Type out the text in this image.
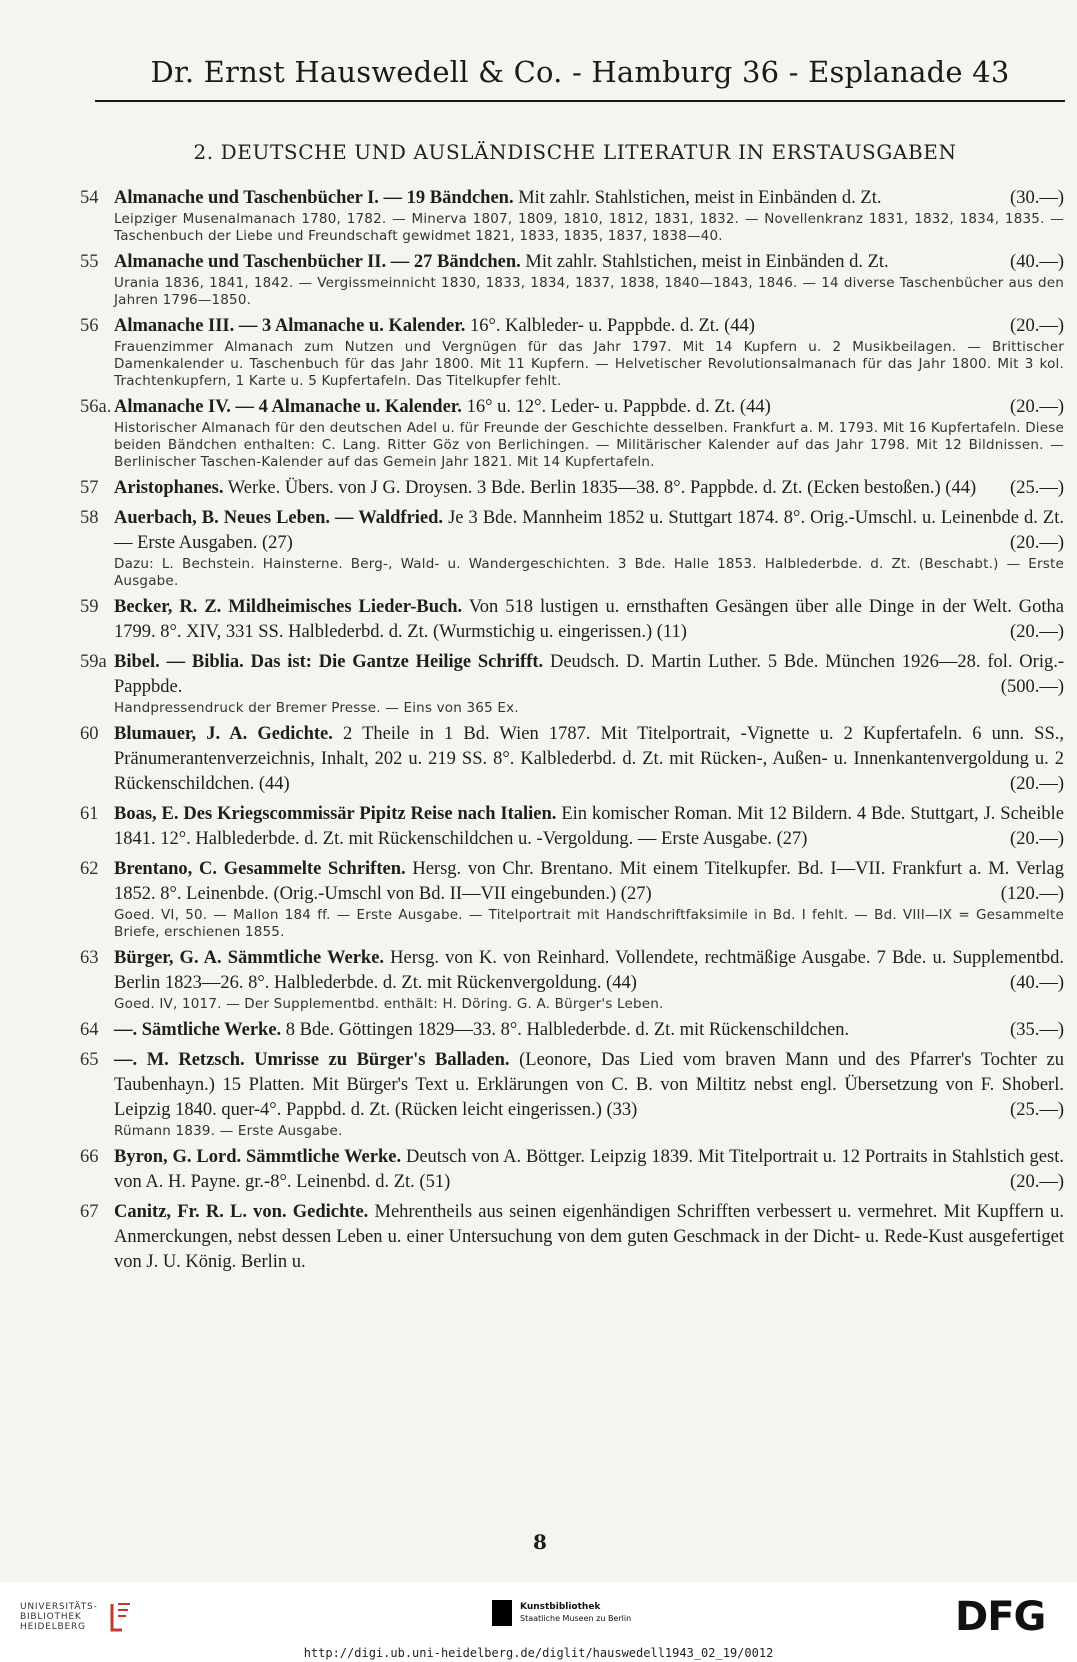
Dr. Ernst Hauswedell & Co. - Hamburg 36 - Esplanade 43
2. DEUTSCHE UND AUSLÄNDISCHE LITERATUR IN ERSTAUSGABEN
54 Almanache und Taschenbücher I. — 19 Bändchen. Mit zahlr. Stahlstichen, meist in Einbänden d. Zt.	(30.—)
Leipziger Musenalmanach 1780, 1782. — Minerva 1807, 1809, 1810, 1812, 1831, 1832. — Novellenkranz 1831, 1832, 1834, 1835. — Taschenbuch der Liebe und Freundschaft gewidmet 1821, 1833, 1835, 1837, 1838—40.
55 Almanache und Taschenbücher II. — 27 Bändchen. Mit zahlr. Stahlstichen, meist in Einbänden d. Zt.	(40.—)
Urania 1836, 1841, 1842. — Vergissmeinnicht 1830, 1833, 1834, 1837, 1838, 1840—1843, 1846. — 14 diverse Taschenbücher aus den Jahren 1796—1850.
56 Almanache III. — 3 Almanache u. Kalender. 16°. Kalbleder- u. Pappbde. d. Zt. (44)	(20.—)
Frauenzimmer Almanach zum Nutzen und Vergnügen für das Jahr 1797. Mit 14 Kupfern u. 2 Musikbeilagen. — Brittischer Damenkalender u. Taschenbuch für das Jahr 1800. Mit 11 Kupfern. — Helvetischer Revolutionsalmanach für das Jahr 1800. Mit 3 kol. Trachtenkupfern, 1 Karte u. 5 Kupfertafeln. Das Titelkupfer fehlt.
56a. Almanache IV. — 4 Almanache u. Kalender. 16° u. 12°. Leder- u. Pappbde. d. Zt. (44)	(20.—)
Historischer Almanach für den deutschen Adel u. für Freunde der Geschichte desselben. Frankfurt a. M. 1793. Mit 16 Kupfertafeln. Diese beiden Bändchen enthalten: C. Lang. Ritter Göz von Berlichingen. — Militärischer Kalender auf das Jahr 1798. Mit 12 Bildnissen. — Berlinischer Taschen-Kalender auf das Gemein Jahr 1821. Mit 14 Kupfertafeln.
57 Aristophanes. Werke. Übers. von J G. Droysen. 3 Bde. Berlin 1835—38. 8°. Pappbde. d. Zt. (Ecken bestoßen.) (44) (25.—)
58 Auerbach, B. Neues Leben. — Waldfried. Je 3 Bde. Mannheim 1852 u. Stuttgart 1874. 8°. Orig.-Umschl. u. Leinenbde d. Zt. — Erste Ausgaben. (27)	(20.—)
Dazu: L. Bechstein. Hainsterne. Berg-, Wald- u. Wandergeschichten. 3 Bde. Halle 1853. Halblederbde. d. Zt. (Beschabt.) — Erste Ausgabe.
59 Becker, R. Z. Mildheimisches Lieder-Buch. Von 518 lustigen u. ernsthaften Gesängen über alle Dinge in der Welt. Gotha 1799. 8°. XIV, 331 SS. Halblederbd. d. Zt. (Wurmstichig u. eingerissen.) (11)	(20.—)
59a Bibel. — Biblia. Das ist: Die Gantze Heilige Schrifft. Deudsch. D. Martin Luther. 5 Bde. München 1926—28. fol. Orig.-Pappbde.	(500.—)
Handpressendruck der Bremer Presse. — Eins von 365 Ex.
60 Blumauer, J. A. Gedichte. 2 Theile in 1 Bd. Wien 1787. Mit Titelportrait, -Vignette u. 2 Kupfertafeln. 6 unn. SS., Pränumerantenverzeichnis, Inhalt, 202 u. 219 SS. 8°. Kalblederbd. d. Zt. mit Rücken-, Außen- u. Innenkantenvergoldung u. 2 Rückenschildchen. (44)	(20.—)
61 Boas, E. Des Kriegscommissär Pipitz Reise nach Italien. Ein komischer Roman. Mit 12 Bildern. 4 Bde. Stuttgart, J. Scheible 1841. 12°. Halblederbde. d. Zt. mit Rückenschildchen u. -Vergoldung. — Erste Ausgabe. (27)	(20.—)
62 Brentano, C. Gesammelte Schriften. Hersg. von Chr. Brentano. Mit einem Titelkupfer. Bd. I—VII. Frankfurt a. M. Verlag 1852. 8°. Leinenbde. (Orig.-Umschl von Bd. II—VII eingebunden.) (27)	(120.—)
Goed. VI, 50. — Mallon 184 ff. — Erste Ausgabe. — Titelportrait mit Handschriftfaksimile in Bd. I fehlt. — Bd. VIII—IX = Gesammelte Briefe, erschienen 1855.
63 Bürger, G. A. Sämmtliche Werke. Hersg. von K. von Reinhard. Vollendete, rechtmäßige Ausgabe. 7 Bde. u. Supplementbd. Berlin 1823—26. 8°. Halblederbde. d. Zt. mit Rückenvergoldung. (44)	(40.—)
Goed. IV, 1017. — Der Supplementbd. enthält: H. Döring. G. A. Bürger's Leben.
64 —. Sämtliche Werke. 8 Bde. Göttingen 1829—33. 8°. Halblederbde. d. Zt. mit Rückenschildchen.	(35.—)
65 —. M. Retzsch. Umrisse zu Bürger's Balladen. (Leonore, Das Lied vom braven Mann und des Pfarrer's Tochter zu Taubenhayn.) 15 Platten. Mit Bürger's Text u. Erklärungen von C. B. von Miltitz nebst engl. Übersetzung von F. Shoberl. Leipzig 1840. quer-4°. Pappbd. d. Zt. (Rücken leicht eingerissen.) (33)	(25.—)
Rümann 1839. — Erste Ausgabe.
66 Byron, G. Lord. Sämmtliche Werke. Deutsch von A. Böttger. Leipzig 1839. Mit Titelportrait u. 12 Portraits in Stahlstich gest. von A. H. Payne. gr.-8°. Leinenbd. d. Zt. (51)	(20.—)
67 Canitz, Fr. R. L. von. Gedichte. Mehrentheils aus seinen eigenhändigen Schrifften verbessert u. vermehret. Mit Kupffern u. Anmerckungen, nebst dessen Leben u. einer Untersuchung von dem guten Geschmack in der Dicht- u. Rede-Kust ausgefertiget von J. U. König. Berlin u.
8
UNIVERSITÄTS-
BIBLIOTHEK
HEIDELBERG
Kunstbibliothek
Staatliche Museen zu Berlin	DFG
http://digi.ub.uni-heidelberg.de/diglit/hauswedell1943_02_19/0012
